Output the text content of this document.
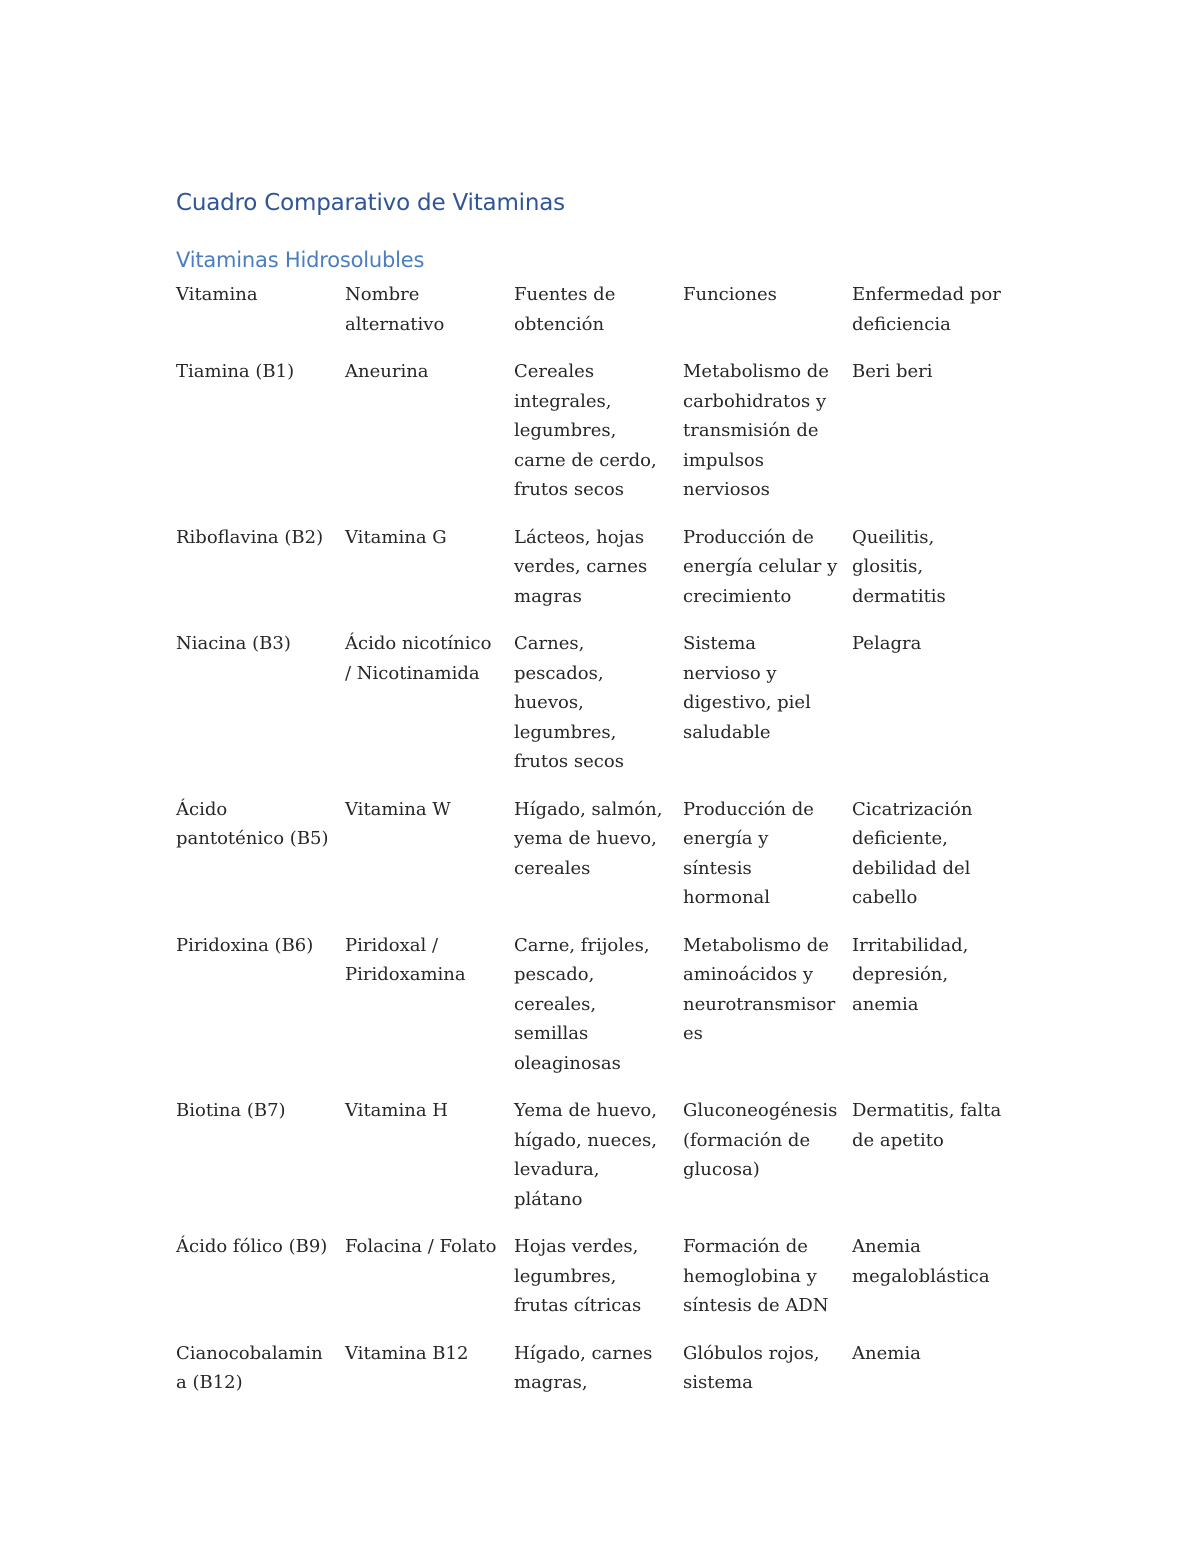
Cuadro Comparativo de Vitaminas
Vitaminas Hidrosolubles
Vitamina	Nombre alternativo	Fuentes de obtención	Funciones	Enfermedad por deficiencia
Tiamina (B1)	Aneurina	Cereales integrales, legumbres, carne de cerdo, frutos secos	Metabolismo de carbohidratos y transmisión de impulsos nerviosos	Beri beri
Riboflavina (B2)	Vitamina G	Lácteos, hojas verdes, carnes magras	Producción de energía celular y crecimiento	Queilitis, glositis, dermatitis
Niacina (B3)	Ácido nicotínico / Nicotinamida	Carnes, pescados, huevos, legumbres, frutos secos	Sistema nervioso y digestivo, piel saludable	Pelagra
Ácido pantoténico (B5)	Vitamina W	Hígado, salmón, yema de huevo, cereales	Producción de energía y síntesis hormonal	Cicatrización deficiente, debilidad del cabello
Piridoxina (B6)	Piridoxal / Piridoxamina	Carne, frijoles, pescado, cereales, semillas oleaginosas	Metabolismo de aminoácidos y neurotransmisores	Irritabilidad, depresión, anemia
Biotina (B7)	Vitamina H	Yema de huevo, hígado, nueces, levadura, plátano	Gluconeogénesis (formación de glucosa)	Dermatitis, falta de apetito
Ácido fólico (B9)	Folacina / Folato	Hojas verdes, legumbres, frutas cítricas	Formación de hemoglobina y síntesis de ADN	Anemia megaloblástica
Cianocobalamina (B12)	Vitamina B12	Hígado, carnes magras,	Glóbulos rojos, sistema	Anemia
